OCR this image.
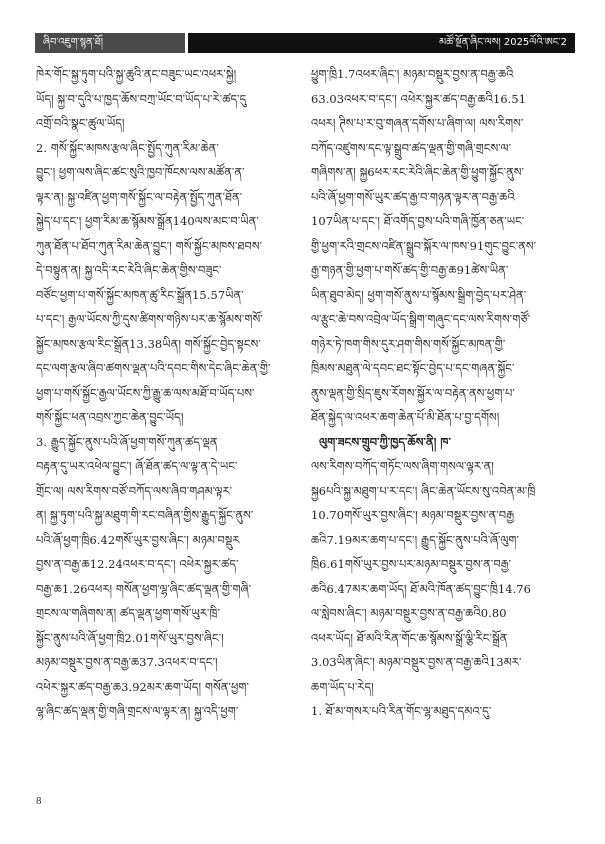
ཞིབ་འཇུག་སྙན་ཐོ།	མཚོ་སྔོན་ཞིང་ལས། 2025ལོའི་ཨང་2
ཁེར་གོང་སྐྱ་ཏུག་པའི་སྐྱ་ཆུའི་ནང་བཟུང་ཡང་འཕར་སྐྱེ།
ཡོད། སྐྱ་བ་དུའི་པ་ཁྱད་ཆོས་བཀྲ་ཡོང་བ་ཡོད་པ་རེ་ཚད་དུ
འགྲོ་བའི་སྣང་ཚུལ་ཡོད།
2. གསོ་སྐྱོང་མཁས་རྩལ་ཞིང་སྤྱོད་ཀུན་རིམ་ཆེན་
བྱུང་། ཕྱག་ལས་ཞིང་ཚང་སུའི་ཁྱབ་ཁོངས་ལས་མཚོན་ན་
ལྟར་ན། སྐྱ་འཛིན་ཕྱག་གསོ་སྐྱོང་ལ་བརྟེན་སྤྱོད་ཀུན་ཐོན་
སྐྱེད་པ་དང་། ཕྱག་རིམ་ཆ་སྙོམས་སྒྲོན140ལས་མང་བ་ཡིན་
ཀུན་ཐོན་པ་ཐོབ་ཀུན་རིམ་ཆེན་བྱུང་། གསོ་སྐྱོང་མཁས་ཐབས་
དེ་བསྟུན་ན། སྐྱ་འདི་རང་རེའི་ཞིང་ཆེན་གྱིས་བཟུང་
བཙོང་ཕྱག་པ་གསོ་སྐྱོང་མཁན་ཚུ་རིང་སྒྲོན15.57ཡིན་
པ་དང་། རྒྱལ་ཡོངས་ཀྱི་དུས་ཚིགས་གཉིས་པར་ཆ་སྙོམས་གསོ་
སྐྱོང་མཁས་རྩལ་རིང་སྒྲོན13.38ཡིན། གསོ་སྐྱོང་བྱེད་སྟངས་
དང་ལག་རྩལ་ཞིབ་ཚགས་ལྡན་པའི་དབང་གིས་དེང་ཞིང་ཆེན་གྱི་
ཕྱག་པ་གསོ་སྐྱོང་རྒྱལ་ཡོངས་ཀྱི་རྒྱུ་ཆ་ལས་མཐོ་བ་ཡོད་པས་
གསོ་སྐྱོང་ཕན་འབྲས་ཀྱང་ཆེན་བྱུང་ཡོད།
3. རྒྱུད་སྐྱོང་ནུས་པའི་ཞོ་ཕྱག་གསོ་ཀུན་ཚད་ལྡན
བརྟན་དུ་ཡར་འཕེལ་བྱུང་། ཞོ་ཐོན་ཚད་ལ་ལྟ་ན་དེ་ཡང་
གྲོང་ལ། ལས་རིགས་བཙོ་བཀོད་ལས་ཞིབ་གཤམ་ལྟར་
ན། སྐྱ་ཏུག་པའི་སྐྱ་མཐུག་གི་རང་བཞིན་གྱིས་རྒྱུད་སྐྱོང་ནུས་
པའི་ཞོ་ཕྱག་ཁྲི6.42གསོ་ཡུར་བྱས་ཞིང་། མཉམ་བསྡུར
བྱས་ན་བརྒྱ་ཆ12.24འཕར་བ་དང་། འཕེར་སྐྱར་ཚད་
བརྒྱ་ཆ1.26འཕར། གསོན་ཕྱག་ལྷ་ཞིང་ཚད་ལྡན་གྱི་གཞི་
གྲངས་ལ་གཞིགས་ན། ཚད་ལྡན་ཕྱག་གསོ་ཡུར་ཁྲི་
སྐྱོང་ནུས་པའི་ཞོ་ཕྱག་ཁྲི2.01གསོ་ཡུར་བྱས་ཞིང་།
མཉམ་བསྡུར་བྱས་ན་བརྒྱ་ཆ37.3འཕར་བ་དང་།
འཕེར་སྐྱར་ཚད་བརྒྱ་ཆ3.92མར་ཆག་ཡོད། གསོན་ཕྱག་
ལྷ་ཞིང་ཚད་ལྡན་གྱི་གཞི་གྲངས་ལ་ལྟར་ན། སྐྱ་འདི་ཕྱག་
ཕྱུག་ཁྲི1.7འཕར་ཞིང་། མཉམ་བསྡུར་བྱས་ན་བརྒྱ་ཆའི
63.03འཕར་བ་དང་། འཕེར་སྐྱར་ཚད་བརྒྱ་ཆའི16.51
འཕར། ཊིས་པ་ར་བུ་གཞན་དགོས་པ་ཞིག་ལ། ལས་རིགས་
བཀོད་འཛུགས་དང་ལྟ་སྒྲུབ་ཚད་ལྡན་གྱི་གཞི་གྲངས་ལ་
གཞིགས་ན། སྐྱ6ཕར་རང་རེའི་ཞིང་ཆེན་གྱི་ཕྱུག་སྐྱོང་ནུས་
པའི་ཞོ་ཕྱག་གསོ་ཡུར་ཚད་རྒྱ་བ་གཉན་ལྟར་ན་བརྒྱ་ཆའི
107ཡིན་པ་དང་། ཐོ་འགོད་བྱས་པའི་གཞི་ཁྱོན་ཅན་ཡང་
གྱི་ཕྱག་རའི་གྲངས་འཛིན་སྒྲུབ་སྐོར་ལ་ཁས་91གུང་བྱུང་ནས་
རྒྱ་གཉན་གྱི་ཕྱག་པ་གསོ་ཚད་གྱི་བརྒྱ་ཆ91ཚེས་ཡིན་
ཡིན་ཐུབ་མེད། ཕྱག་གསོ་ནུས་པ་སྙོམས་སྒྲིག་བྱེད་པར་ཤེན་
ལ་རྩུང་ཆེ་བས་འབྲེལ་ཡོད་སྒྲིག་གཞུང་དང་ལས་རིགས་གཙོ་
གཉེར་ཏེ་ཁག་གིས་དུར་ཤག་གིས་གསོ་སྐྱོང་མཁན་གྱི་
ཁྲིམས་མཐུན་ལེ་དབང་ཐང་སྟོང་བྱེད་པ་དང་གཞན་སྐྱོང་
ནུས་ལྡན་གྱི་སྲིད་ཇུས་རོགས་སྐྱོར་ལ་བརྟེན་ནས་ཕྱག་པ་
ཐོན་སྐྱེད་ལ་འཕར་ཆག་ཆེན་པོ་མི་ཐོན་པ་བྱ་དགོས།
ལུག་ཟངས་གྲུབ་ཀྱི་ཁྱད་ཆོས་ནི། ཁ་
ལས་རིགས་བཀོད་གཏོང་ལས་ཞིག་གསལ་ལྟར་ན།
སྐྱ6པའི་སྐྱ་མཐུག་པ་ར་དང་། ཞིང་ཆེན་ཡོངས་སུ་འབེན་མ་ཁྲི
10.70གསོ་ཡུར་བྱས་ཞིང་། མཉམ་བསྡུར་བྱས་ན་བརྒྱ
ཆའི7.19མར་ཆག་པ་དང་། རྒྱུད་སྐྱོང་ནུས་པའི་ཞོ་ལུག་
ཁྲི6.61གསོ་ཡུར་བྱས་པར་མཉམ་བསྡུར་བྱས་ན་བརྒྱ་
ཆའི6.47མར་ཆག་ཡོད། ཐོ་མའི་ཁོན་ཚད་བྱུང་ཁྲི14.76
ལ་སླེབས་ཞིང་། མཉམ་བསྡུར་བྱས་ན་བརྒྱ་ཆའི0.80
འཕར་ཡོད། ཐོ་མའི་རིན་གོང་ཆ་སྙོམས་སྒྲོ་ལྕི་རིང་སྒྲོན
3.03ཡིན་ཞིང་། མཉམ་བསྡུར་བྱས་ན་བརྒྱ་ཆའི13མར་
ཆག་ཡོད་པ་རེད།
1. ཐོ་མ་གསར་པའི་རིན་གོང་ལྷ་མཐུད་དམའ་དུ་
8
